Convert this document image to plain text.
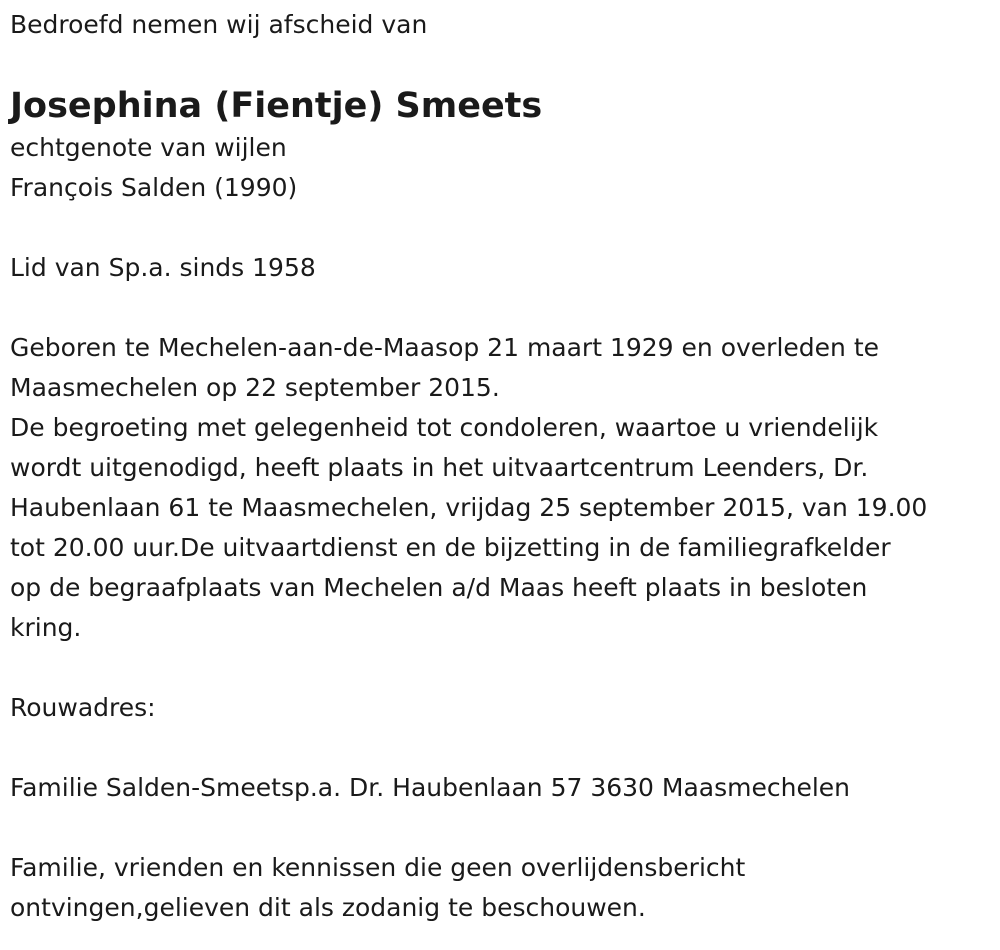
Bedroefd nemen wij afscheid van

Josephina (Fientje) Smeets

echtgenote van wijlen

François Salden (1990)

Lid van Sp.a. sinds 1958

Geboren te Mechelen-aan-de-Maasop 21 maart 1929 en overleden te

Maasmechelen op 22 september 2015.

De begroeting met gelegenheid tot condoleren, waartoe u vriendelijk

wordt uitgenodigd, heeft plaats in het uitvaartcentrum Leenders, Dr.

Haubenlaan 61 te Maasmechelen, vrijdag 25 september 2015, van 19.00

tot 20.00 uur.De uitvaartdienst en de bijzetting in de familiegrafkelder

op de begraafplaats van Mechelen a/d Maas heeft plaats in besloten

kring.

Rouwadres:

Familie Salden-Smeetsp.a. Dr. Haubenlaan 57 3630 Maasmechelen

Familie, vrienden en kennissen die geen overlijdensbericht

ontvingen,gelieven dit als zodanig te beschouwen.
